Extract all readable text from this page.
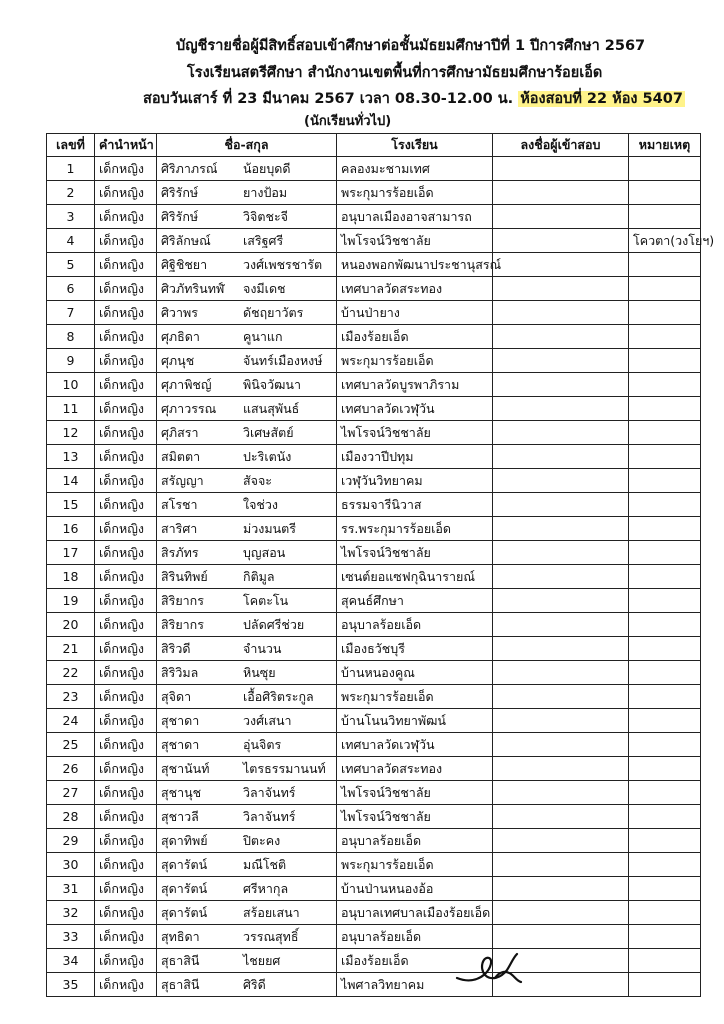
บัญชีรายชื่อผู้มีสิทธิ์สอบเข้าศึกษาต่อชั้นมัธยมศึกษาปีที่ 1 ปีการศึกษา 2567
โรงเรียนสตรีศึกษา สำนักงานเขตพื้นที่การศึกษามัธยมศึกษาร้อยเอ็ด
สอบวันเสาร์ ที่ 23 มีนาคม 2567 เวลา 08.30-12.00 น. ห้องสอบที่ 22 ห้อง 5407
(นักเรียนทั่วไป)
เลขที่	คำนำหน้า	ชื่อ-สกุล	โรงเรียน	ลงชื่อผู้เข้าสอบ	หมายเหตุ
1	เด็กหญิง	ศิริภาภรณ์ น้อยบุดดี	คลองมะชามเทศ		
2	เด็กหญิง	ศิริรักษ์ ยางป้อม	พระกุมารร้อยเอ็ด		
3	เด็กหญิง	ศิริรักษ์ วิจิตชะจี	อนุบาลเมืองอาจสามารถ		
4	เด็กหญิง	ศิริลักษณ์ เสริฐศรี	ไพโรจน์วิชชาลัย		โควตา(วงโยฯ)
5	เด็กหญิง	ศิฐิชิชยา วงศ์เพชรชารัต	หนองพอกพัฒนาประชานุสรณ์		
6	เด็กหญิง	ศิวภัทรินทฬ์ จงมีเดช	เทศบาลวัดสระทอง		
7	เด็กหญิง	ศิวาพร ดัชฤยาวัตร	บ้านป่ายาง		
8	เด็กหญิง	ศุภธิดา คูนาแก	เมืองร้อยเอ็ด		
9	เด็กหญิง	ศุภนุช จันทร์เมืองหงษ์	พระกุมารร้อยเอ็ด		
10	เด็กหญิง	ศุภาพิชญ์ พินิจวัฒนา	เทศบาลวัดบูรพาภิราม		
11	เด็กหญิง	ศุภาวรรณ แสนสุพันธ์	เทศบาลวัดเวฬุวัน		
12	เด็กหญิง	ศุภิสรา วิเศษสัตย์	ไพโรจน์วิชชาลัย		
13	เด็กหญิง	สมิตตา ปะริเตนัง	เมืองวาปีปทุม		
14	เด็กหญิง	สรัญญา สัจจะ	เวฬุวันวิทยาคม		
15	เด็กหญิง	สโรชา ใจช่วง	ธรรมจารีนิวาส		
16	เด็กหญิง	สาริศา ม่วงมนตรี	รร.พระกุมารร้อยเอ็ด		
17	เด็กหญิง	สิรภัทร บุญสอน	ไพโรจน์วิชชาลัย		
18	เด็กหญิง	สิรินทิพย์ กิติมูล	เซนต์ยอแซฟกุฉินารายณ์		
19	เด็กหญิง	สิริยากร โคตะโน	สุคนธ์ศึกษา		
20	เด็กหญิง	สิริยากร ปลัดศรีช่วย	อนุบาลร้อยเอ็ด		
21	เด็กหญิง	สิริวดี จำนวน	เมืองธวัชบุรี		
22	เด็กหญิง	สิริวิมล หินซุย	บ้านหนองคูณ		
23	เด็กหญิง	สุจิดา เอื้อศิริตระกูล	พระกุมารร้อยเอ็ด		
24	เด็กหญิง	สุชาดา วงศ์เสนา	บ้านโนนวิทยาพัฒน์		
25	เด็กหญิง	สุชาดา อุ่นจิตร	เทศบาลวัดเวฬุวัน		
26	เด็กหญิง	สุชานันท์ ไตรธรรมานนท์	เทศบาลวัดสระทอง		
27	เด็กหญิง	สุชานุช วิลาจันทร์	ไพโรจน์วิชชาลัย		
28	เด็กหญิง	สุชาวลี วิลาจันทร์	ไพโรจน์วิชชาลัย		
29	เด็กหญิง	สุดาทิพย์ ปิตะคง	อนุบาลร้อยเอ็ด		
30	เด็กหญิง	สุดารัตน์ มณีโชติ	พระกุมารร้อยเอ็ด		
31	เด็กหญิง	สุดารัตน์ ศรีหากุล	บ้านป่านหนองอ้อ		
32	เด็กหญิง	สุดารัตน์ สร้อยเสนา	อนุบาลเทศบาลเมืองร้อยเอ็ด		
33	เด็กหญิง	สุทธิดา วรรณสุทธิ์	อนุบาลร้อยเอ็ด		
34	เด็กหญิง	สุธาสินี ไชยยศ	เมืองร้อยเอ็ด		
35	เด็กหญิง	สุธาสินี ศิริดี	ไพศาลวิทยาคม		
